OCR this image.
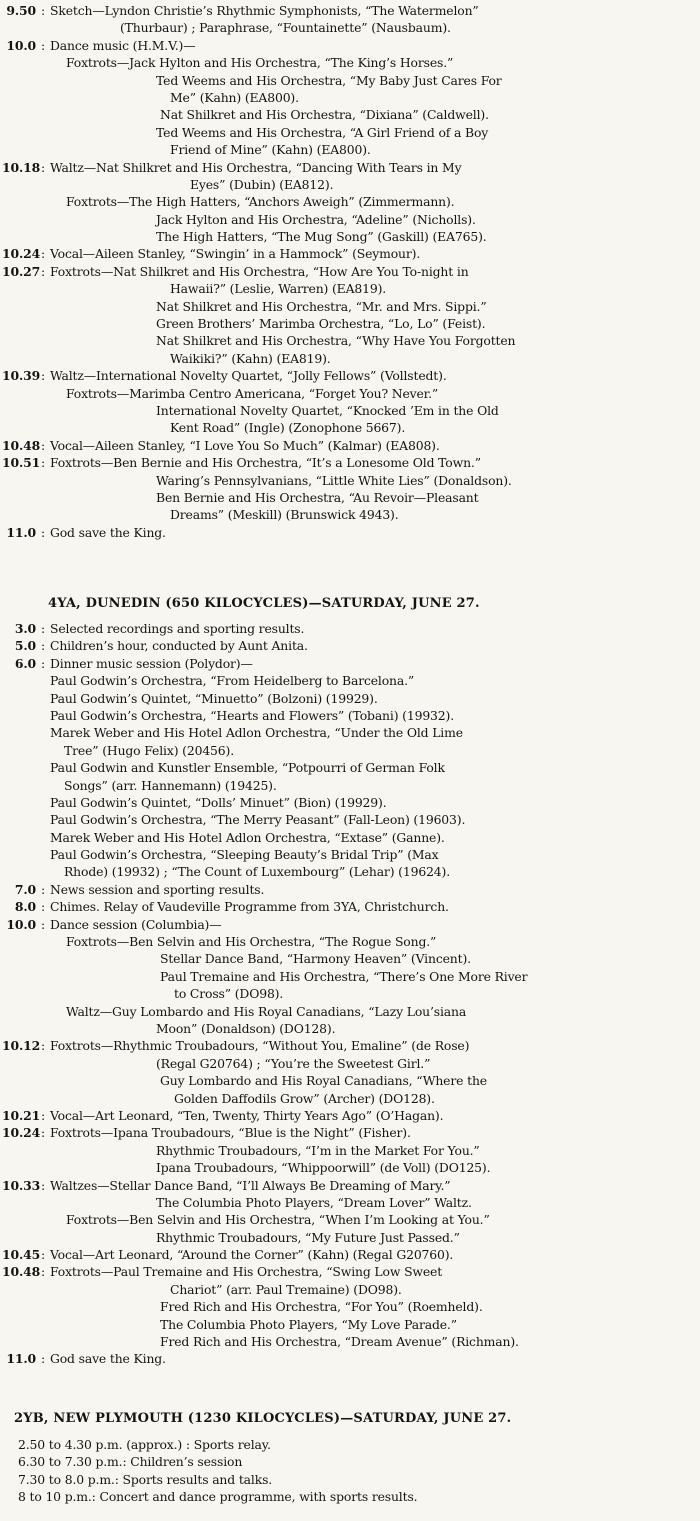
9.50 : Sketch—Lyndon Christie’s Rhythmic Symphonists, “The Watermelon”
(Thurbaur) ; Paraphrase, “Fountainette” (Nausbaum).
10.0 : Dance music (H.M.V.)—
Foxtrots—Jack Hylton and His Orchestra, “The King’s Horses.”
Ted Weems and His Orchestra, “My Baby Just Cares For
Me” (Kahn) (EA800).
Nat Shilkret and His Orchestra, “Dixiana” (Caldwell).
Ted Weems and His Orchestra, “A Girl Friend of a Boy
Friend of Mine” (Kahn) (EA800).
10.18: Waltz—Nat Shilkret and His Orchestra, “Dancing With Tears in My
Eyes” (Dubin) (EA812).
Foxtrots—The High Hatters, “Anchors Aweigh” (Zimmermann).
Jack Hylton and His Orchestra, “Adeline” (Nicholls).
The High Hatters, “The Mug Song” (Gaskill) (EA765).
10.24: Vocal—Aileen Stanley, “Swingin’ in a Hammock” (Seymour).
10.27: Foxtrots—Nat Shilkret and His Orchestra, “How Are You To-night in
Hawaii?” (Leslie, Warren) (EA819).
Nat Shilkret and His Orchestra, “Mr. and Mrs. Sippi.”
Green Brothers’ Marimba Orchestra, “Lo, Lo” (Feist).
Nat Shilkret and His Orchestra, “Why Have You Forgotten
Waikiki?” (Kahn) (EA819).
10.39: Waltz—International Novelty Quartet, “Jolly Fellows” (Vollstedt).
Foxtrots—Marimba Centro Americana, “Forget You? Never.”
International Novelty Quartet, “Knocked ’Em in the Old
Kent Road” (Ingle) (Zonophone 5667).
10.48: Vocal—Aileen Stanley, “I Love You So Much” (Kalmar) (EA808).
10.51: Foxtrots—Ben Bernie and His Orchestra, “It’s a Lonesome Old Town.”
Waring’s Pennsylvanians, “Little White Lies” (Donaldson).
Ben Bernie and His Orchestra, “Au Revoir—Pleasant
Dreams” (Meskill) (Brunswick 4943).
11.0 : God save the King.
4YA, DUNEDIN (650 KILOCYCLES)—SATURDAY, JUNE 27.
3.0 : Selected recordings and sporting results.
5.0 : Children’s hour, conducted by Aunt Anita.
6.0 : Dinner music session (Polydor)—
Paul Godwin’s Orchestra, “From Heidelberg to Barcelona.”
Paul Godwin’s Quintet, “Minuetto” (Bolzoni) (19929).
Paul Godwin’s Orchestra, “Hearts and Flowers” (Tobani) (19932).
Marek Weber and His Hotel Adlon Orchestra, “Under the Old Lime
Tree” (Hugo Felix) (20456).
Paul Godwin and Kunstler Ensemble, “Potpourri of German Folk
Songs” (arr. Hannemann) (19425).
Paul Godwin’s Quintet, “Dolls’ Minuet” (Bion) (19929).
Paul Godwin’s Orchestra, “The Merry Peasant” (Fall-Leon) (19603).
Marek Weber and His Hotel Adlon Orchestra, “Extase” (Ganne).
Paul Godwin’s Orchestra, “Sleeping Beauty’s Bridal Trip” (Max
Rhode) (19932) ; “The Count of Luxembourg” (Lehar) (19624).
7.0 : News session and sporting results.
8.0 : Chimes. Relay of Vaudeville Programme from 3YA, Christchurch.
10.0 : Dance session (Columbia)—
Foxtrots—Ben Selvin and His Orchestra, “The Rogue Song.”
Stellar Dance Band, “Harmony Heaven” (Vincent).
Paul Tremaine and His Orchestra, “There’s One More River
to Cross” (DO98).
Waltz—Guy Lombardo and His Royal Canadians, “Lazy Lou’siana
Moon” (Donaldson) (DO128).
10.12: Foxtrots—Rhythmic Troubadours, “Without You, Emaline” (de Rose)
(Regal G20764) ; “You’re the Sweetest Girl.”
Guy Lombardo and His Royal Canadians, “Where the
Golden Daffodils Grow” (Archer) (DO128).
10.21: Vocal—Art Leonard, “Ten, Twenty, Thirty Years Ago” (O’Hagan).
10.24: Foxtrots—Ipana Troubadours, “Blue is the Night” (Fisher).
Rhythmic Troubadours, “I’m in the Market For You.”
Ipana Troubadours, “Whippoorwill” (de Voll) (DO125).
10.33: Waltzes—Stellar Dance Band, “I’ll Always Be Dreaming of Mary.”
The Columbia Photo Players, “Dream Lover” Waltz.
Foxtrots—Ben Selvin and His Orchestra, “When I’m Looking at You.”
Rhythmic Troubadours, “My Future Just Passed.”
10.45: Vocal—Art Leonard, “Around the Corner” (Kahn) (Regal G20760).
10.48: Foxtrots—Paul Tremaine and His Orchestra, “Swing Low Sweet
Chariot” (arr. Paul Tremaine) (DO98).
Fred Rich and His Orchestra, “For You” (Roemheld).
The Columbia Photo Players, “My Love Parade.”
Fred Rich and His Orchestra, “Dream Avenue” (Richman).
11.0 : God save the King.
2YB, NEW PLYMOUTH (1230 KILOCYCLES)—SATURDAY, JUNE 27.
2.50 to 4.30 p.m. (approx.) : Sports relay.
6.30 to 7.30 p.m.: Children’s session
7.30 to 8.0 p.m.: Sports results and talks.
8 to 10 p.m.: Concert and dance programme, with sports results.
